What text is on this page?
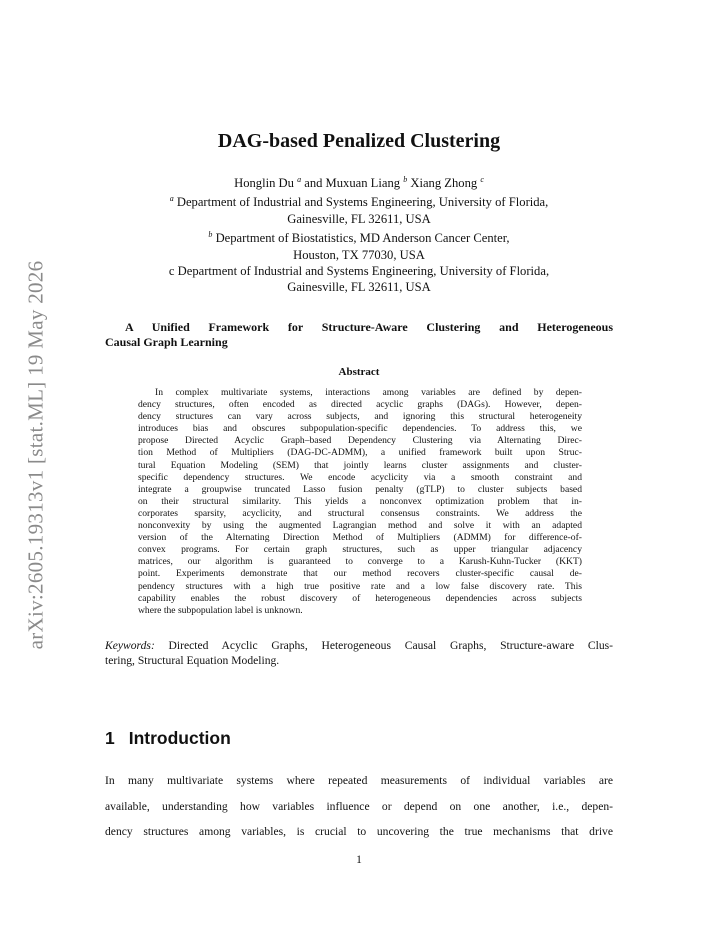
arXiv:2605.19313v1 [stat.ML] 19 May 2026
DAG-based Penalized Clustering
Honglin Du $^a$ and Muxuan Liang $^b$ Xiang Zhong $^c$
$^a$ Department of Industrial and Systems Engineering, University of Florida,
Gainesville, FL 32611, USA
$^b$ Department of Biostatistics, MD Anderson Cancer Center,
Houston, TX 77030, USA
c Department of Industrial and Systems Engineering, University of Florida,
Gainesville, FL 32611, USA
A Unified Framework for Structure-Aware Clustering and Heterogeneous
Causal Graph Learning
Abstract
In complex multivariate systems, interactions among variables are defined by depen-
dency structures, often encoded as directed acyclic graphs (DAGs). However, depen-
dency structures can vary across subjects, and ignoring this structural heterogeneity
introduces bias and obscures subpopulation-specific dependencies. To address this, we
propose Directed Acyclic Graph–based Dependency Clustering via Alternating Direc-
tion Method of Multipliers (DAG-DC-ADMM), a unified framework built upon Struc-
tural Equation Modeling (SEM) that jointly learns cluster assignments and cluster-
specific dependency structures. We encode acyclicity via a smooth constraint and
integrate a groupwise truncated Lasso fusion penalty (gTLP) to cluster subjects based
on their structural similarity. This yields a nonconvex optimization problem that in-
corporates sparsity, acyclicity, and structural consensus constraints. We address the
nonconvexity by using the augmented Lagrangian method and solve it with an adapted
version of the Alternating Direction Method of Multipliers (ADMM) for difference-of-
convex programs. For certain graph structures, such as upper triangular adjacency
matrices, our algorithm is guaranteed to converge to a Karush-Kuhn-Tucker (KKT)
point. Experiments demonstrate that our method recovers cluster-specific causal de-
pendency structures with a high true positive rate and a low false discovery rate. This
capability enables the robust discovery of heterogeneous dependencies across subjects
where the subpopulation label is unknown.
Keywords: Directed Acyclic Graphs, Heterogeneous Causal Graphs, Structure-aware Clus-
tering, Structural Equation Modeling.
1 Introduction
In many multivariate systems where repeated measurements of individual variables are
available, understanding how variables influence or depend on one another, i.e., depen-
dency structures among variables, is crucial to uncovering the true mechanisms that drive
1
